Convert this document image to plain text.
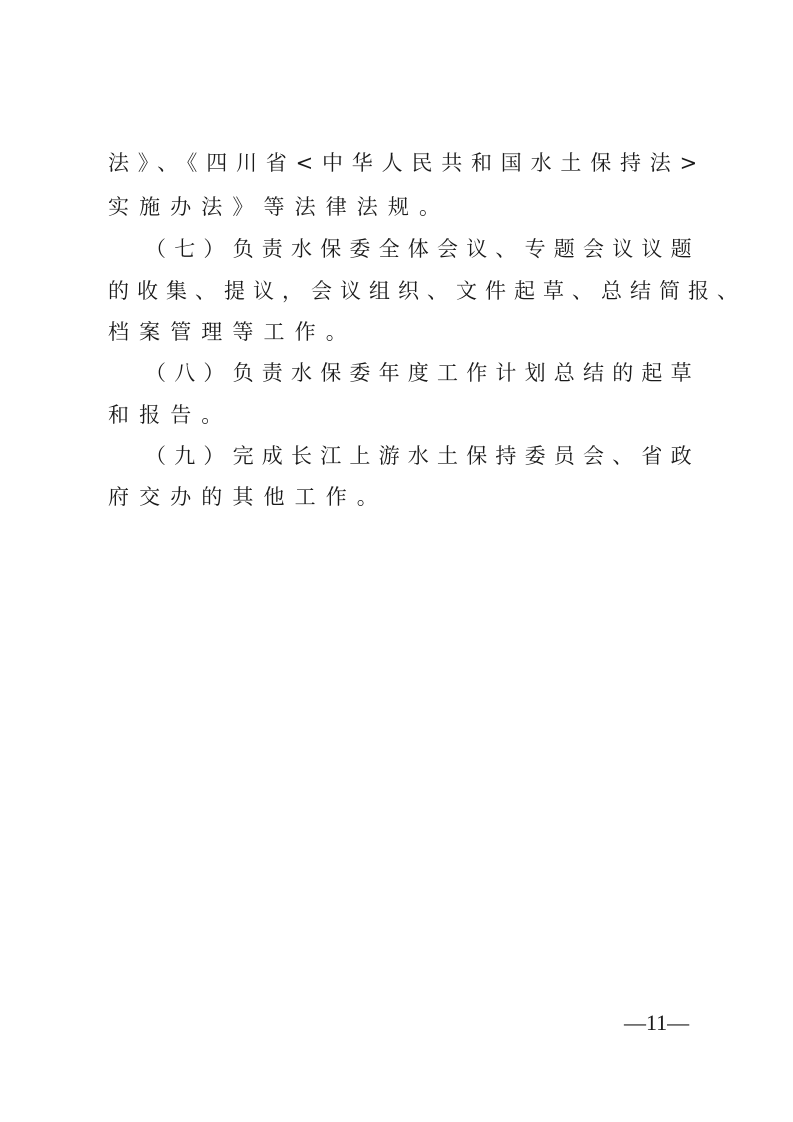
法》、《四川省<中华人民共和国水土保持法>
实施办法》等法律法规。
（七）负责水保委全体会议、专题会议议题
的收集、提议，会议组织、文件起草、总结简报、
档案管理等工作。
（八）负责水保委年度工作计划总结的起草
和报告。
（九）完成长江上游水土保持委员会、省政
府交办的其他工作。
—11—
